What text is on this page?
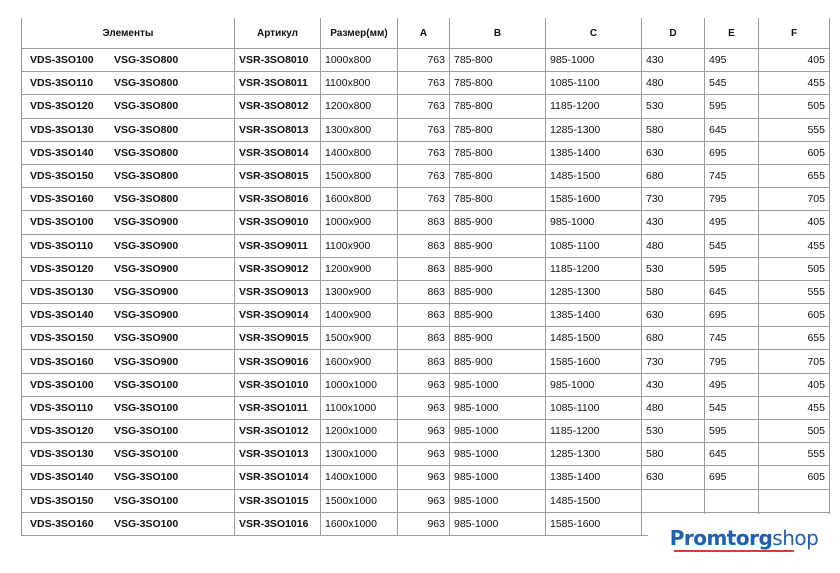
Элементы	Артикул	Размер(мм)	A	B	C	D	E	F

VDS-3SO100 VSG-3SO800	VSR-3SO8010	1000x800	763	785-800	985-1000	430	495	405

VDS-3SO110 VSG-3SO800	VSR-3SO8011	1100x800	763	785-800	1085-1100	480	545	455

VDS-3SO120 VSG-3SO800	VSR-3SO8012	1200x800	763	785-800	1185-1200	530	595	505

VDS-3SO130 VSG-3SO800	VSR-3SO8013	1300x800	763	785-800	1285-1300	580	645	555

VDS-3SO140 VSG-3SO800	VSR-3SO8014	1400x800	763	785-800	1385-1400	630	695	605

VDS-3SO150 VSG-3SO800	VSR-3SO8015	1500x800	763	785-800	1485-1500	680	745	655

VDS-3SO160 VSG-3SO800	VSR-3SO8016	1600x800	763	785-800	1585-1600	730	795	705

VDS-3SO100 VSG-3SO900	VSR-3SO9010	1000x900	863	885-900	985-1000	430	495	405

VDS-3SO110 VSG-3SO900	VSR-3SO9011	1100x900	863	885-900	1085-1100	480	545	455

VDS-3SO120 VSG-3SO900	VSR-3SO9012	1200x900	863	885-900	1185-1200	530	595	505

VDS-3SO130 VSG-3SO900	VSR-3SO9013	1300x900	863	885-900	1285-1300	580	645	555

VDS-3SO140 VSG-3SO900	VSR-3SO9014	1400x900	863	885-900	1385-1400	630	695	605

VDS-3SO150 VSG-3SO900	VSR-3SO9015	1500x900	863	885-900	1485-1500	680	745	655

VDS-3SO160 VSG-3SO900	VSR-3SO9016	1600x900	863	885-900	1585-1600	730	795	705

VDS-3SO100 VSG-3SO100	VSR-3SO1010	1000x1000	963	985-1000	985-1000	430	495	405

VDS-3SO110 VSG-3SO100	VSR-3SO1011	1100x1000	963	985-1000	1085-1100	480	545	455

VDS-3SO120 VSG-3SO100	VSR-3SO1012	1200x1000	963	985-1000	1185-1200	530	595	505

VDS-3SO130 VSG-3SO100	VSR-3SO1013	1300x1000	963	985-1000	1285-1300	580	645	555

VDS-3SO140 VSG-3SO100	VSR-3SO1014	1400x1000	963	985-1000	1385-1400	630	695	605

VDS-3SO150 VSG-3SO100	VSR-3SO1015	1500x1000	963	985-1000	1485-1500			

VDS-3SO160 VSG-3SO100	VSR-3SO1016	1600x1000	963	985-1000	1585-1600			
Promtorg shop
